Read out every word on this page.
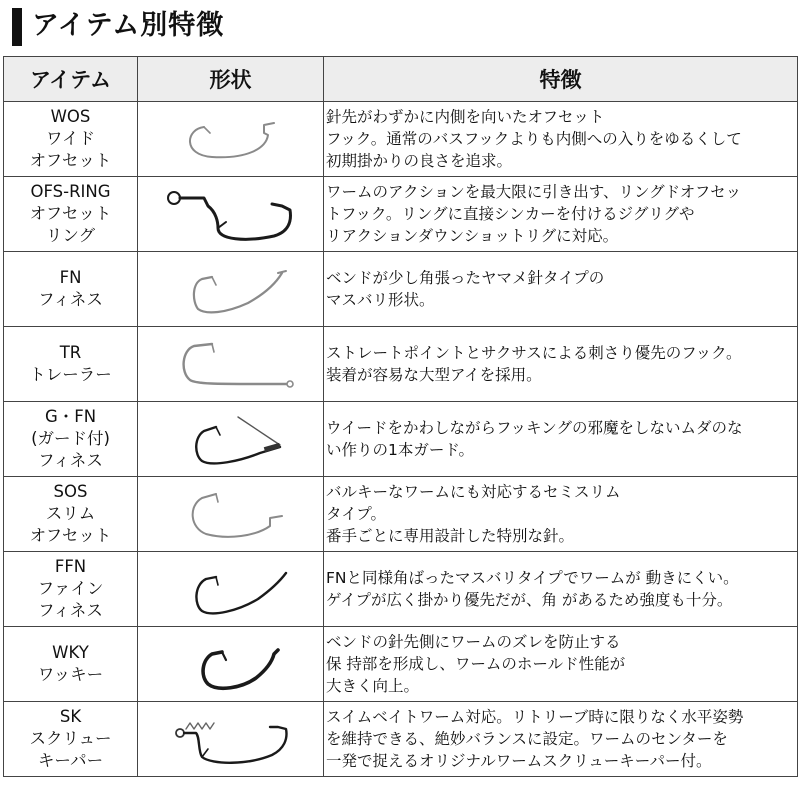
アイテム別特徴
アイテム	形状	特徴

WOS
ワイド
オフセット		針先がわずかに内側を向いたオフセット
フック。通常のバスフックよりも内側への入りをゆるくして
初期掛かりの良さを追求。

OFS-RING
オフセット
リング		ワームのアクションを最大限に引き出す、リングドオフセッ
トフック。リングに直接シンカーを付けるジグリグや
リアクションダウンショットリグに対応。

FN
フィネス		ベンドが少し角張ったヤマメ針タイプの
マスバリ形状。

TR
トレーラー		ストレートポイントとサクサスによる刺さり優先のフック。
装着が容易な大型アイを採用。

G・FN
(ガード付)
フィネス		ウイードをかわしながらフッキングの邪魔をしないムダのな
い作りの1本ガード。

SOS
スリム
オフセット		バルキーなワームにも対応するセミスリム
タイプ。
番手ごとに専用設計した特別な針。

FFN
ファイン
フィネス		FNと同様角ばったマスバリタイプでワームが 動きにくい。
ゲイプが広く掛かり優先だが、角 があるため強度も十分。

WKY
ワッキー		ベンドの針先側にワームのズレを防止する
保 持部を形成し、ワームのホールド性能が
大きく向上。

SK
スクリュー
キーパー		スイムベイトワーム対応。リトリーブ時に限りなく水平姿勢
を維持できる、絶妙バランスに設定。ワームのセンターを
一発で捉えるオリジナルワームスクリューキーパー付。
